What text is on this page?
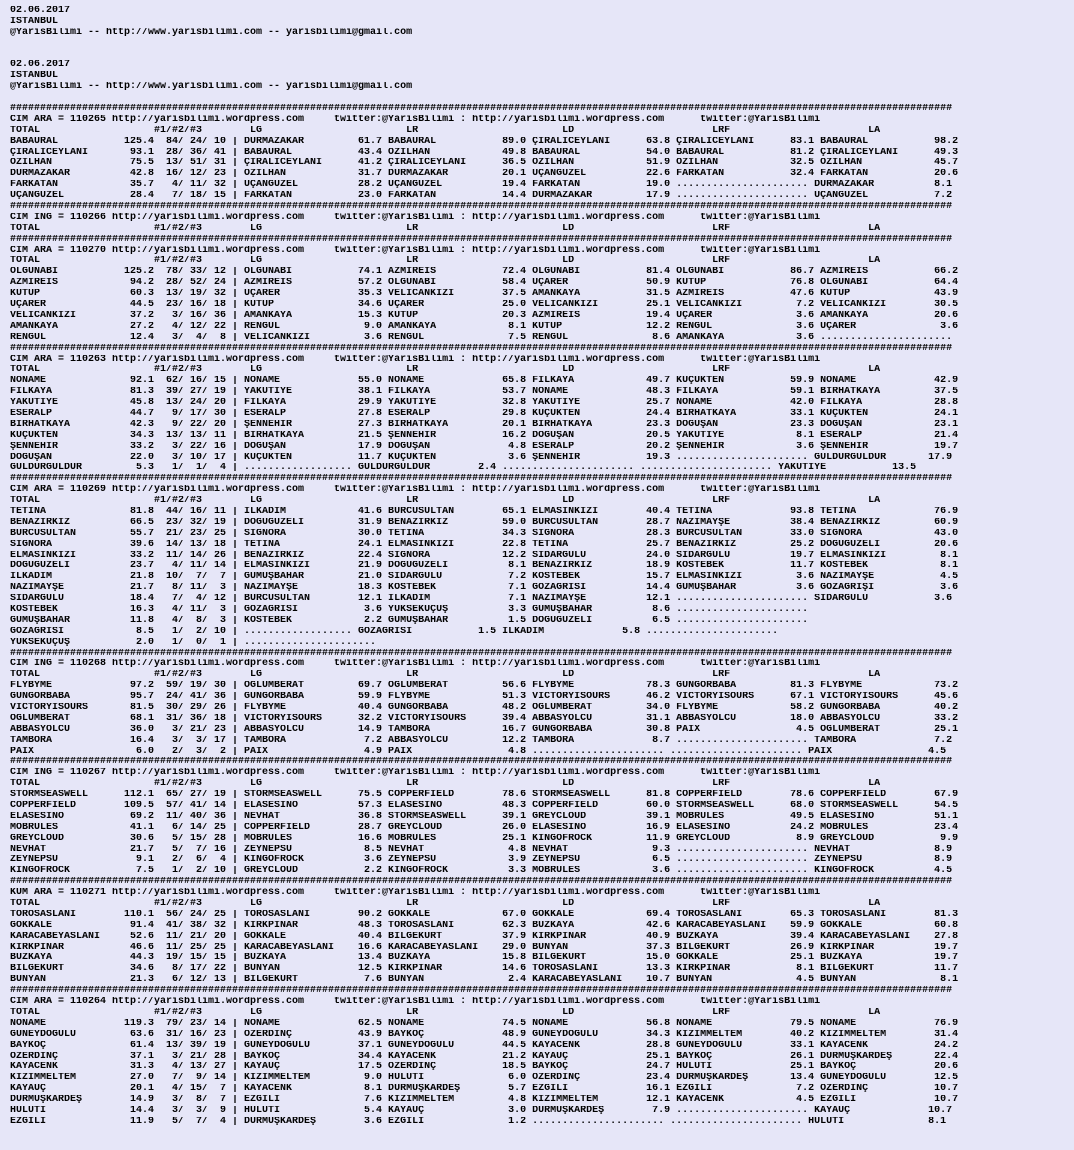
02.06.2017
ISTANBUL
@YarisBilimi -- http://www.yarisbilimi.com -- yarisbilimi@gmail.com
02.06.2017
ISTANBUL
@YarisBilimi -- http://www.yarisbilimi.com -- yarisbilimi@gmail.com
#############################################################################################################################################################
CIM ARA = 110265 http://yarisbilimi.wordpress.com     twitter:@YarisBilimi : http://yarisbilimi.wordpress.com      twitter:@YarisBilimi
TOTAL                   #1/#2/#3        LG                        LR                        LD                       LRF                       LA
BABAURAL           125.4  84/ 24/ 10 | DURMAZAKAR         61.7 BABAURAL           89.0 ÇIRALICEYLANI      63.8 ÇIRALICEYLANI      83.1 BABAURAL           98.2
ÇIRALICEYLANI       93.1  28/ 36/ 41 | BABAURAL           43.4 ÖZILHAN            49.8 BABAURAL           54.0 BABAURAL           81.2 ÇIRALICEYLANI      49.3
ÖZILHAN             75.5  13/ 51/ 31 | ÇIRALICEYLANI      41.2 ÇIRALICEYLANI      36.5 ÖZILHAN            51.9 ÖZILHAN            32.5 ÖZILHAN            45.7
DURMAZAKAR          42.8  16/ 12/ 23 | ÖZILHAN            31.7 DURMAZAKAR         20.1 UÇANGÜZEL          22.6 FARKATAN           32.4 FARKATAN           20.6
FARKATAN            35.7   4/ 11/ 32 | UÇANGÜZEL          28.2 UÇANGÜZEL          19.4 FARKATAN           19.0 ...................... DURMAZAKAR          8.1
UÇANGÜZEL           28.4   7/ 18/ 15 | FARKATAN           23.0 FARKATAN           14.4 DURMAZAKAR         17.9 ...................... UÇANGÜZEL           7.2
#############################################################################################################################################################
CIM ING = 110266 http://yarisbilimi.wordpress.com     twitter:@YarisBilimi : http://yarisbilimi.wordpress.com      twitter:@YarisBilimi
TOTAL                   #1/#2/#3        LG                        LR                        LD                       LRF                       LA
#############################################################################################################################################################
CIM ARA = 110270 http://yarisbilimi.wordpress.com     twitter:@YarisBilimi : http://yarisbilimi.wordpress.com      twitter:@YarisBilimi
TOTAL                   #1/#2/#3        LG                        LR                        LD                       LRF                       LA
OLGUNABİ           125.2  78/ 33/ 12 | OLGUNABİ           74.1 AZMİREİS           72.4 OLGUNABİ           81.4 OLGUNABİ           86.7 AZMİREİS           66.2
AZMİREİS            94.2  28/ 52/ 24 | AZMİREİS           57.2 OLGUNABİ           58.4 UÇARER             50.9 KUTUP              76.8 OLGUNABİ           64.4
KUTUP               60.3  13/ 19/ 32 | UÇARER             35.3 VELİCANKIZI        37.5 AMANKAYA           31.5 AZMİREİS           47.6 KUTUP              43.9
UÇARER              44.5  23/ 16/ 18 | KUTUP              34.6 UÇARER             25.0 VELİCANKIZI        25.1 VELİCANKIZI         7.2 VELİCANKIZI        30.5
VELİCANKIZI         37.2   3/ 16/ 36 | AMANKAYA           15.3 KUTUP              20.3 AZMİREİS           19.4 UÇARER              3.6 AMANKAYA           20.6
AMANKAYA            27.2   4/ 12/ 22 | RENGÜL              9.0 AMANKAYA            8.1 KUTUP              12.2 RENGÜL              3.6 UÇARER              3.6
RENGÜL              12.4   3/  4/  8 | VELİCANKIZI         3.6 RENGÜL              7.5 RENGÜL              8.6 AMANKAYA            3.6 ......................
#############################################################################################################################################################
CIM ARA = 110263 http://yarisbilimi.wordpress.com     twitter:@YarisBilimi : http://yarisbilimi.wordpress.com      twitter:@YarisBilimi
TOTAL                   #1/#2/#3        LG                        LR                        LD                       LRF                       LA
NONAME              92.1  62/ 16/ 15 | NONAME             55.0 NONAME             65.8 FİLKAYA            49.7 KÜÇÜKTEN           59.9 NONAME             42.9
FİLKAYA             81.3  39/ 27/ 19 | YAKUTİYE           38.1 FİLKAYA            53.7 NONAME             48.3 FİLKAYA            59.1 BİRHATKAYA         37.5
YAKUTİYE            45.8  13/ 24/ 20 | FİLKAYA            29.9 YAKUTİYE           32.8 YAKUTİYE           25.7 NONAME             42.0 FİLKAYA            28.8
ESERALP             44.7   9/ 17/ 30 | ESERALP            27.8 ESERALP            29.8 KÜÇÜKTEN           24.4 BİRHATKAYA         33.1 KÜÇÜKTEN           24.1
BİRHATKAYA          42.3   9/ 22/ 20 | ŞENNEHİR           27.3 BİRHATKAYA         20.1 BİRHATKAYA         23.3 DOĞUŞAN            23.3 DOĞUŞAN            23.1
KÜÇÜKTEN            34.3  13/ 13/ 11 | BİRHATKAYA         21.5 ŞENNEHİR           16.2 DOĞUŞAN            20.5 YAKUTİYE            8.1 ESERALP            21.4
ŞENNEHİR            33.2   3/ 22/ 16 | DOĞUŞAN            17.9 DOĞUŞAN             4.8 ESERALP            20.2 ŞENNEHİR            3.6 ŞENNEHİR           19.7
DOĞUŞAN             22.0   3/ 10/ 17 | KÜÇÜKTEN           11.7 KÜÇÜKTEN            3.6 ŞENNEHİR           19.3 ...................... GÜLDURGULDÜR       17.9
GÜLDURGULDÜR         5.3   1/  1/  4 | .................. GÜLDURGULDÜR        2.4 ...................... ...................... YAKUTİYE           13.5
#############################################################################################################################################################
CIM ARA = 110269 http://yarisbilimi.wordpress.com     twitter:@YarisBilimi : http://yarisbilimi.wordpress.com      twitter:@YarisBilimi
TOTAL                   #1/#2/#3        LG                        LR                        LD                       LRF                       LA
TETİNA              81.8  44/ 16/ 11 | İLKADIM            41.6 BURCUSULTAN        65.1 ELMASINKIZI        40.4 TETİNA             93.8 TETİNA             76.9
BENAZİRKIZ          66.5  23/ 32/ 19 | DOĞUGÜZELİ         31.9 BENAZİRKIZ         59.0 BURCUSULTAN        28.7 NAZIMAYŞE          38.4 BENAZİRKIZ         60.9
BURCUSULTAN         55.7  21/ 23/ 25 | SİGNORA            30.0 TETİNA             34.3 SİGNORA            28.3 BURCUSULTAN        33.0 SİGNORA            43.0
SİGNORA             39.6  14/ 13/ 18 | TETİNA             24.1 ELMASINKIZI        22.8 TETİNA             25.7 BENAZİRKIZ         25.2 DOĞUGÜZELİ         20.6
ELMASINKIZI         33.2  11/ 14/ 26 | BENAZİRKIZ         22.4 SİGNORA            12.2 SIDARGÜLÜ          24.0 SIDARGÜLÜ          19.7 ELMASINKIZI         8.1
DOĞUGÜZELİ          23.7   4/ 11/ 14 | ELMASINKIZI        21.9 DOĞUGÜZELİ          8.1 BENAZİRKIZ         18.9 KOSTEBEK           11.7 KOSTEBEK            8.1
İLKADIM             21.8  10/  7/  7 | GÜMÜŞBAHAR         21.0 SIDARGÜLÜ           7.2 KOSTEBEK           15.7 ELMASINKIZI         3.6 NAZIMAYŞE           4.5
NAZIMAYŞE           21.7   8/ 11/  3 | NAZIMAYŞE          18.3 KOSTEBEK            7.1 GOZAGRISI          14.4 GÜMÜŞBAHAR          3.6 GOZAGRİŞİ           3.6
SIDARGÜLÜ           18.4   7/  4/ 12 | BURCUSULTAN        12.1 İLKADIM             7.1 NAZIMAYŞE          12.1 ...................... SIDARGÜLÜ           3.6
KOSTEBEK            16.3   4/ 11/  3 | GOZAGRISI           3.6 YÜKSEKUÇUŞ          3.3 GÜMÜŞBAHAR          8.6 ......................
GÜMÜŞBAHAR          11.8   4/  8/  3 | KOSTEBEK            2.2 GÜMÜŞBAHAR          1.5 DOĞUGÜZELİ          6.5 ......................
GOZAGRISI            8.5   1/  2/ 10 | .................. GOZAGRISI           1.5 İLKADIM             5.8 ......................
YÜKSEKUÇUŞ           2.0   1/  0/  1 | ......................
#############################################################################################################################################################
CIM ING = 110268 http://yarisbilimi.wordpress.com     twitter:@YarisBilimi : http://yarisbilimi.wordpress.com      twitter:@YarisBilimi
TOTAL                   #1/#2/#3        LG                        LR                        LD                       LRF                       LA
FLYBYME             97.2  59/ 19/ 30 | OGLUMBERAT         69.7 OGLUMBERAT         56.6 FLYBYME            78.3 GUNGORBABA         81.3 FLYBYME            73.2
GUNGORBABA          95.7  24/ 41/ 36 | GUNGORBABA         59.9 FLYBYME            51.3 VICTORYISOURS      46.2 VICTORYISOURS      67.1 VICTORYISOURS      45.6
VICTORYISOURS       81.5  30/ 29/ 26 | FLYBYME            40.4 GUNGORBABA         48.2 OGLUMBERAT         34.0 FLYBYME            58.2 GUNGORBABA         40.2
OGLUMBERAT          68.1  31/ 36/ 18 | VICTORYISOURS      32.2 VICTORYISOURS      39.4 ABBASYOLCU         31.1 ABBASYOLCU         18.0 ABBASYOLCU         33.2
ABBASYOLCU          36.0   3/ 21/ 23 | ABBASYOLCU         14.9 TAMBORA            16.7 GUNGORBABA         30.8 PAIX                4.5 OGLUMBERAT         25.1
TAMBORA             16.4   3/  3/ 17 | TAMBORA             7.2 ABBASYOLCU         12.2 TAMBORA             8.7 ...................... TAMBORA             7.2
PAIX                 6.0   2/  3/  2 | PAIX                4.9 PAIX                4.8 ...................... ...................... PAIX                4.5
#############################################################################################################################################################
CIM ING = 110267 http://yarisbilimi.wordpress.com     twitter:@YarisBilimi : http://yarisbilimi.wordpress.com      twitter:@YarisBilimi
TOTAL                   #1/#2/#3        LG                        LR                        LD                       LRF                       LA
STORMSEASWELL      112.1  65/ 27/ 19 | STORMSEASWELL      75.5 COPPERFIELD        78.6 STORMSEASWELL      81.8 COPPERFIELD        78.6 COPPERFIELD        67.9
COPPERFIELD        109.5  57/ 41/ 14 | ELASESINO          57.3 ELASESINO          48.3 COPPERFIELD        60.0 STORMSEASWELL      68.0 STORMSEASWELL      54.5
ELASESINO           69.2  11/ 40/ 36 | NEVHAT             36.8 STORMSEASWELL      39.1 GREYCLOUD          39.1 MOBRULES           49.5 ELASESINO          51.1
MOBRULES            41.1   6/ 14/ 25 | COPPERFIELD        28.7 GREYCLOUD          26.0 ELASESINO          16.9 ELASESINO          24.2 MOBRULES           23.4
GREYCLOUD           30.6   5/ 15/ 28 | MOBRULES           16.6 MOBRULES           25.1 KINGOFROCK         11.9 GREYCLOUD           8.9 GREYCLOUD           9.9
NEVHAT              21.7   5/  7/ 16 | ZEYNEPSU            8.5 NEVHAT              4.8 NEVHAT              9.3 ...................... NEVHAT              8.9
ZEYNEPSU             9.1   2/  6/  4 | KINGOFROCK          3.6 ZEYNEPSU            3.9 ZEYNEPSU            6.5 ...................... ZEYNEPSU            8.9
KINGOFROCK           7.5   1/  2/ 10 | GREYCLOUD           2.2 KINGOFROCK          3.3 MOBRULES            3.6 ...................... KINGOFROCK          4.5
#############################################################################################################################################################
KUM ARA = 110271 http://yarisbilimi.wordpress.com     twitter:@YarisBilimi : http://yarisbilimi.wordpress.com      twitter:@YarisBilimi
TOTAL                   #1/#2/#3        LG                        LR                        LD                       LRF                       LA
TOROSASLANI        110.1  56/ 24/ 25 | TOROSASLANI        90.2 GÖKKALE            67.0 GÖKKALE            69.4 TOROSASLANI        65.3 TOROSASLANI        81.3
GÖKKALE             91.4  41/ 38/ 32 | KIRKPINAR          48.3 TOROSASLANI        62.3 BUZKAYA            42.6 KARACABEYASLANI    59.9 GÖKKALE            60.8
KARACABEYASLANI     52.6  11/ 21/ 20 | GÖKKALE            40.4 BİLGEKURT          37.9 KIRKPINAR          40.9 BUZKAYA            39.4 KARACABEYASLANI    27.8
KIRKPINAR           46.6  11/ 25/ 25 | KARACABEYASLANI    16.6 KARACABEYASLANI    29.0 BUNYAN             37.3 BİLGEKURT          26.9 KIRKPINAR          19.7
BUZKAYA             44.3  19/ 15/ 15 | BUZKAYA            13.4 BUZKAYA            15.8 BİLGEKURT          15.0 GÖKKALE            25.1 BUZKAYA            19.7
BİLGEKURT           34.6   8/ 17/ 22 | BUNYAN             12.5 KIRKPINAR          14.6 TOROSASLANI        13.3 KIRKPINAR           8.1 BİLGEKURT          11.7
BUNYAN              21.3   6/ 12/ 13 | BİLGEKURT           7.6 BUNYAN              2.4 KARACABEYASLANI    10.7 BUNYAN              4.5 BUNYAN              8.1
#############################################################################################################################################################
CIM ARA = 110264 http://yarisbilimi.wordpress.com     twitter:@YarisBilimi : http://yarisbilimi.wordpress.com      twitter:@YarisBilimi
TOTAL                   #1/#2/#3        LG                        LR                        LD                       LRF                       LA
NONAME             119.3  79/ 23/ 14 | NONAME             62.5 NONAME             74.5 NONAME             56.8 NONAME             79.5 NONAME             76.9
GÜNEYDOĞULU         63.6  31/ 16/ 23 | ÖZERDİNÇ           43.9 BAYKOÇ             48.9 GÜNEYDOĞULU        34.3 KIZIMMELTEM        40.2 KIZIMMELTEM        31.4
BAYKOÇ              61.4  13/ 39/ 19 | GÜNEYDOĞULU        37.1 GÜNEYDOĞULU        44.5 KAYACENK           28.8 GÜNEYDOĞULU        33.1 KAYACENK           24.2
ÖZERDİNÇ            37.1   3/ 21/ 28 | BAYKOÇ             34.4 KAYACENK           21.2 KAYAUÇ             25.1 BAYKOÇ             26.1 DURMUŞKARDEŞ       22.4
KAYACENK            31.3   4/ 13/ 27 | KAYAUÇ             17.5 ÖZERDİNÇ           18.5 BAYKOÇ             24.7 HULUTİ             25.1 BAYKOÇ             20.6
KIZIMMELTEM         27.0   7/  9/ 14 | KIZIMMELTEM         9.0 HULUTİ              6.0 ÖZERDİNÇ           23.4 DURMUŞKARDEŞ       13.4 GÜNEYDOĞULU        12.5
KAYAUÇ              20.1   4/ 15/  7 | KAYACENK            8.1 DURMUŞKARDEŞ        5.7 EZGİLİ             16.1 EZGİLİ              7.2 ÖZERDİNÇ           10.7
DURMUŞKARDEŞ        14.9   3/  8/  7 | EZGİLİ              7.6 KIZIMMELTEM         4.8 KIZIMMELTEM        12.1 KAYACENK            4.5 EZGİLİ             10.7
HULUTİ              14.4   3/  3/  9 | HULUTİ              5.4 KAYAUÇ              3.0 DURMUŞKARDEŞ        7.9 ...................... KAYAUÇ             10.7
EZGİLİ              11.9   5/  7/  4 | DURMUŞKARDEŞ        3.6 EZGİLİ              1.2 ...................... ...................... HULUTİ              8.1
